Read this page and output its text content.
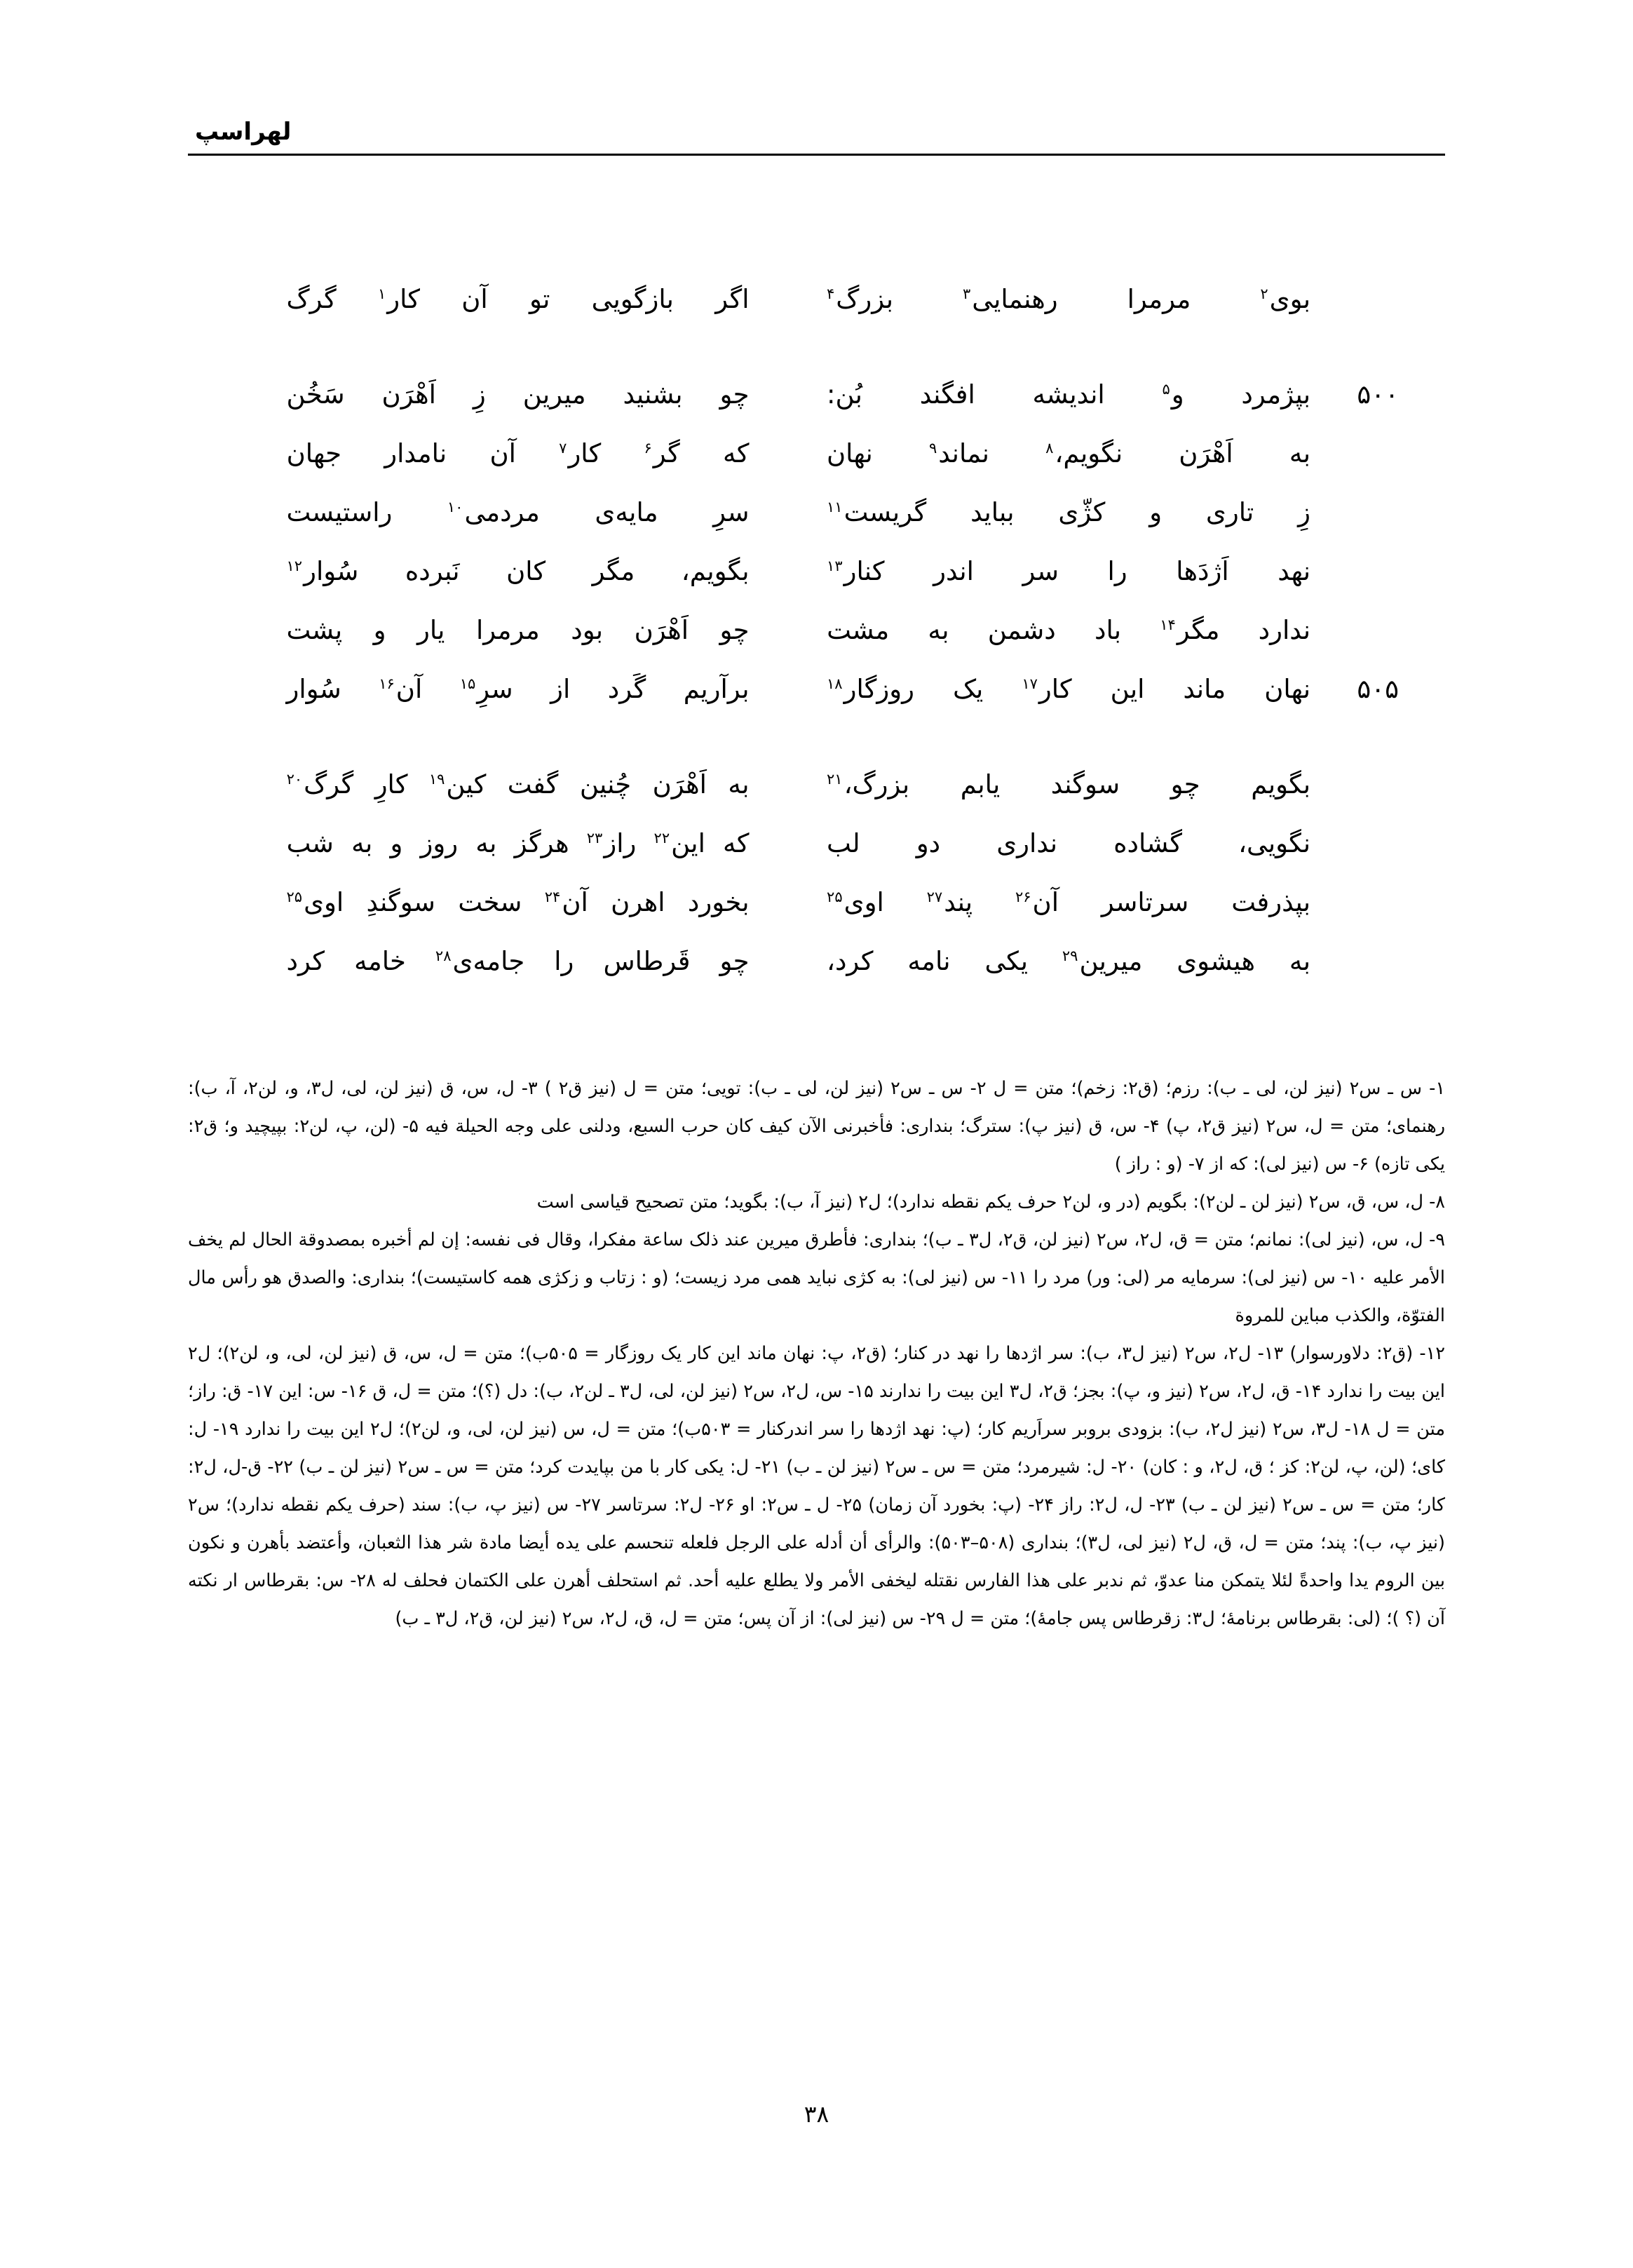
لهراسپ
بوی$^۲$
مرمرا
رهنمایی$^۳$
بزرگ$^۴$
اگر
بازگویی
تو
آن
کار$^۱$
گرگ
۵۰۰
بپژمرد
و$^۵$
اندیشه
افگند
بُن:
چو
بشنید
میرین
زِ
اَهْرَن
سَخُن
به
اَهْرَن
نگویم،$^۸$
نماند$^۹$
نهان
که
گر$^۶$
کار$^۷$
آن
نامدار
جهان
زِ
تاری
و
کژّی
بباید
گریست$^{۱۱}$
سرِ
مایه‌ی
مردمی$^{۱۰}$
راستیست
نهد
اَژدَها
را
سر
اندر
کنار$^{۱۳}$
بگویم،
مگر
کان
نَبرده
سُوار$^{۱۲}$
ندارد
مگر$^{۱۴}$
باد
دشمن
به
مشت
چو
اَهْرَن
بود
مرمرا
یار
و
پشت
۵۰۵
نهان
ماند
این
کار$^{۱۷}$
یک
روزگار$^{۱۸}$
برآریم
گَرد
از
سرِ$^{۱۵}$
آن$^{۱۶}$
سُوار
بگویم
چو
سوگند
یابم
بزرگ،$^{۲۱}$
به
اَهْرَن
چُنین
گفت
کین$^{۱۹}$
کارِ
گرگ$^{۲۰}$
نگویی،
گشاده
نداری
دو
لب
که
این$^{۲۲}$
راز$^{۲۳}$
هرگز
به
روز
و
به
شب
بپذرفت
سرتاسر
آن$^{۲۶}$
پند$^{۲۷}$
اوی$^{۲۵}$
بخورد
اهرن
آن$^{۲۴}$
سخت
سوگندِ
اوی$^{۲۵}$
به
هیشوی
میرین$^{۲۹}$
یکی
نامه
کرد،
چو
قَرطاس
را
جامه‌ی$^{۲۸}$
خامه
کرد

۱- س ـ س۲ (نیز لن، لی ـ ب): رزم؛ (ق۲: زخم)؛ متن = ل ۲- س ـ س۲ (نیز لن، لی ـ ب): تویی؛ متن = ل (نیز ق۲ ) ۳- ل، س، ق (نیز لن، لی، ل۳، و، لن۲، آ، ب): رهنمای؛ متن = ل، س۲ (نیز ق۲، پ) ۴- س، ق (نیز پ): سترگ؛ بنداری: فأخبرنی الآن کیف کان حرب السبع، ودلنی علی وجه الحیلة فیه ۵- (لن، پ، لن۲: بپیچید و؛ ق۲: یکی تازه) ۶- س (نیز لی): که از ۷- (و : راز )

۸- ل، س، ق، س۲ (نیز لن ـ لن۲): بگویم (در و، لن۲ حرف یکم نقطه ندارد)؛ ل۲ (نیز آ، ب): بگوید؛ متن تصحیح قیاسی است

۹- ل، س، (نیز لی): نمانم؛ متن = ق، ل۲، س۲ (نیز لن، ق۲، ل۳ ـ ب)؛ بنداری: فأطرق میرین عند ذلک ساعة مفکرا، وقال فی نفسه: إن لم أخبره بمصدوقة الحال لم یخف الأمر علیه ۱۰- س (نیز لی): سرمایه مر (لی: ور) مرد را ۱۱- س (نیز لی): به کژی نباید همی مرد زیست؛ (و : زتاب و زکژی همه کاستیست)؛ بنداری: والصدق هو رأس مال الفتوّة، والکذب مباین للمروة

۱۲- (ق۲: دلاورسوار) ۱۳- ل۲، س۲ (نیز ل۳، ب): سر اژدها را نهد در کنار؛ (ق۲، پ: نهان ماند این کار یک روزگار = ۵۰۵ب)؛ متن = ل، س، ق (نیز لن، لی، و، لن۲)؛ ل۲ این بیت را ندارد ۱۴- ق، ل۲، س۲ (نیز و، پ): بجز؛ ق۲، ل۳ این بیت را ندارند ۱۵- س، ل۲، س۲ (نیز لن، لی، ل۳ ـ لن۲، ب): دل (؟)؛ متن = ل، ق ۱۶- س: این ۱۷- ق: راز؛ متن = ل ۱۸- ل۳، س۲ (نیز ل۲، ب): بزودی بروبر سراَریم کار؛ (پ: نهد اژدها را سر اندرکنار = ۵۰۳ب)؛ متن = ل، س (نیز لن، لی، و، لن۲)؛ ل۲ این بیت را ندارد ۱۹- ل: کای؛ (لن، پ، لن۲: کز ؛ ق، ل۲، و : کان) ۲۰- ل: شیرمرد؛ متن = س ـ س۲ (نیز لن ـ ب) ۲۱- ل: یکی کار با من بپایدت کرد؛ متن = س ـ س۲ (نیز لن ـ ب) ۲۲- ق-ل، ل۲: کار؛ متن = س ـ س۲ (نیز لن ـ ب) ۲۳- ل، ل۲: راز ۲۴- (پ: بخورد آن زمان) ۲۵- ل ـ س۲: او ۲۶- ل۲: سرتاسر ۲۷- س (نیز پ، ب): سند (حرف یکم نقطه ندارد)؛ س۲ (نیز پ، ب): پند؛ متن = ل، ق، ل۲ (نیز لی، ل۳)؛ بنداری (۵۰۸–۵۰۳): والرأی أن أدله علی الرجل فلعله تنحسم علی یده أیضا مادة شر هذا الثعبان، وأعتضد بأهرن و نکون بین الروم یدا واحدةً لئلا یتمکن منا عدوّ، ثم ندبر علی هذا الفارس نقتله لیخفی الأمر ولا یطلع علیه أحد. ثم استحلف أهرن علی الکتمان فحلف له ۲۸- س: بقرطاس ار نکته آن (؟ )؛ (لی: بقرطاس برنامهٔ؛ ل۳: زقرطاس پس جامهٔ)؛ متن = ل ۲۹- س (نیز لی): از آن پس؛ متن = ل، ق، ل۲، س۲ (نیز لن، ق۲، ل۳ ـ ب)

۳۸
